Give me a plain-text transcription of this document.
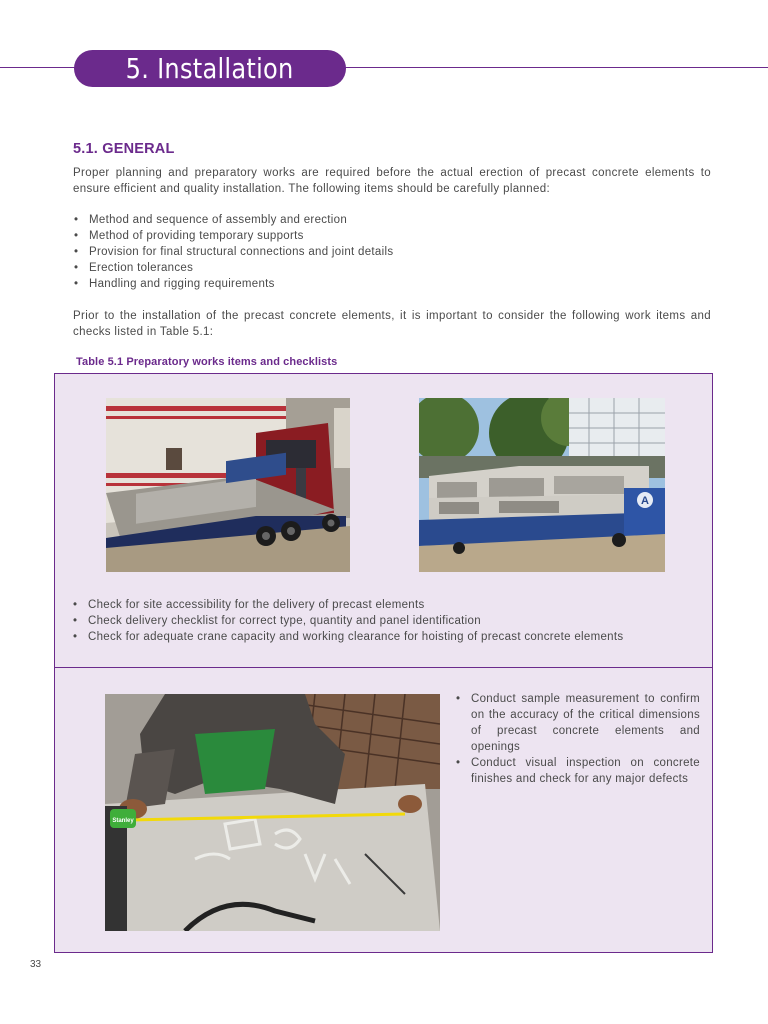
5. Installation
5.1. GENERAL

Proper planning and preparatory works are required before the actual erection of precast concrete elements to ensure efficient and quality installation. The following items should be carefully planned:

• Method and sequence of assembly and erection
• Method of providing temporary supports
• Provision for final structural connections and joint details
• Erection tolerances
• Handling and rigging requirements

Prior to the installation of the precast concrete elements, it is important to consider the following work items and checks listed in Table 5.1:

Table 5.1 Preparatory works items and checklists

A
• Check for site accessibility for the delivery of precast elements
• Check delivery checklist for correct type, quantity and panel identification
• Check for adequate crane capacity and working clearance for hoisting of precast concrete elements
Stanley
• Conduct sample measurement to confirm on the accuracy of the critical dimensions of precast concrete elements and openings
• Conduct visual inspection on concrete finishes and check for any major defects

33
